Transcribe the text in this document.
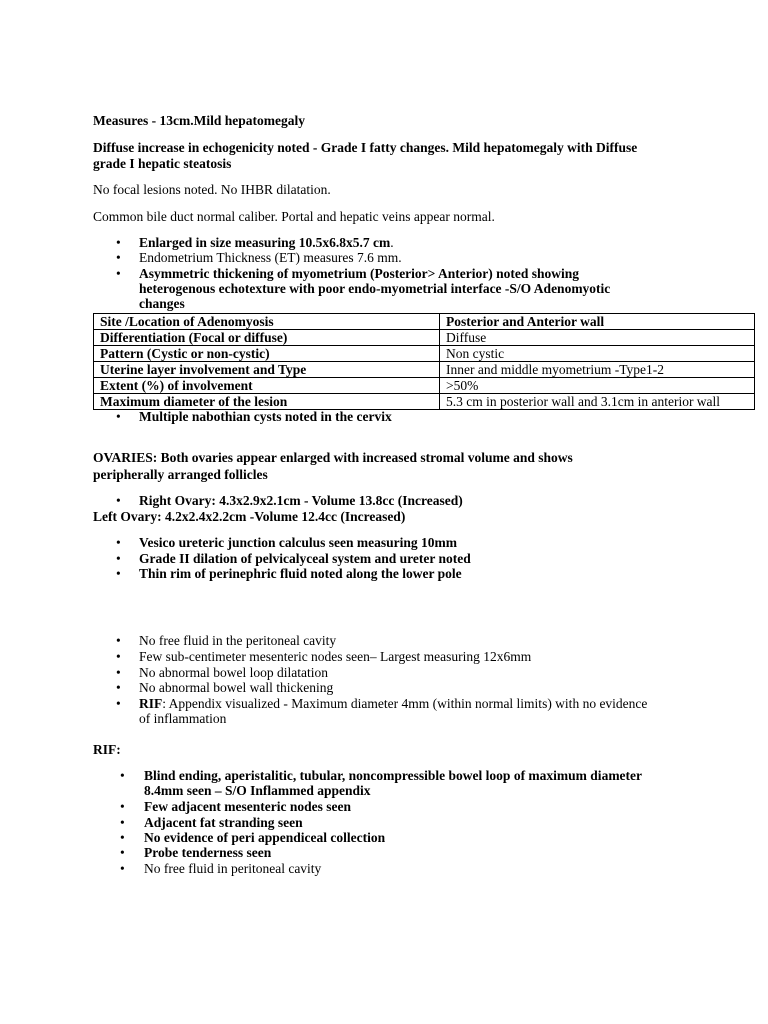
Measures - 13cm.Mild hepatomegaly
Diffuse increase in echogenicity noted - Grade I fatty changes. Mild hepatomegaly with Diffuse
grade I hepatic steatosis
No focal lesions noted. No IHBR dilatation.
Common bile duct normal caliber. Portal and hepatic veins appear normal.
• Enlarged in size measuring 10.5x6.8x5.7 cm.
• Endometrium Thickness (ET) measures 7.6 mm.
• Asymmetric thickening of myometrium (Posterior> Anterior) noted showing
heterogenous echotexture with poor endo-myometrial interface -S/O Adenomyotic
changes
Site /Location of Adenomyosis	Posterior and Anterior wall
Differentiation (Focal or diffuse)	Diffuse
Pattern (Cystic or non-cystic)	Non cystic
Uterine layer involvement and Type	Inner and middle myometrium -Type1-2
Extent (%) of involvement	>50%
Maximum diameter of the lesion	5.3 cm in posterior wall and 3.1cm in anterior wall
• Multiple nabothian cysts noted in the cervix
OVARIES: Both ovaries appear enlarged with increased stromal volume and shows
peripherally arranged follicles
• Right Ovary: 4.3x2.9x2.1cm - Volume 13.8cc (Increased)
Left Ovary: 4.2x2.4x2.2cm -Volume 12.4cc (Increased)
• Vesico ureteric junction calculus seen measuring 10mm
• Grade II dilation of pelvicalyceal system and ureter noted
• Thin rim of perinephric fluid noted along the lower pole
• No free fluid in the peritoneal cavity
• Few sub-centimeter mesenteric nodes seen– Largest measuring 12x6mm
• No abnormal bowel loop dilatation
• No abnormal bowel wall thickening
• RIF: Appendix visualized - Maximum diameter 4mm (within normal limits) with no evidence
of inflammation
RIF:
• Blind ending, aperistalitic, tubular, noncompressible bowel loop of maximum diameter
8.4mm seen – S/O Inflammed appendix
• Few adjacent mesenteric nodes seen
• Adjacent fat stranding seen
• No evidence of peri appendiceal collection
• Probe tenderness seen
• No free fluid in peritoneal cavity
